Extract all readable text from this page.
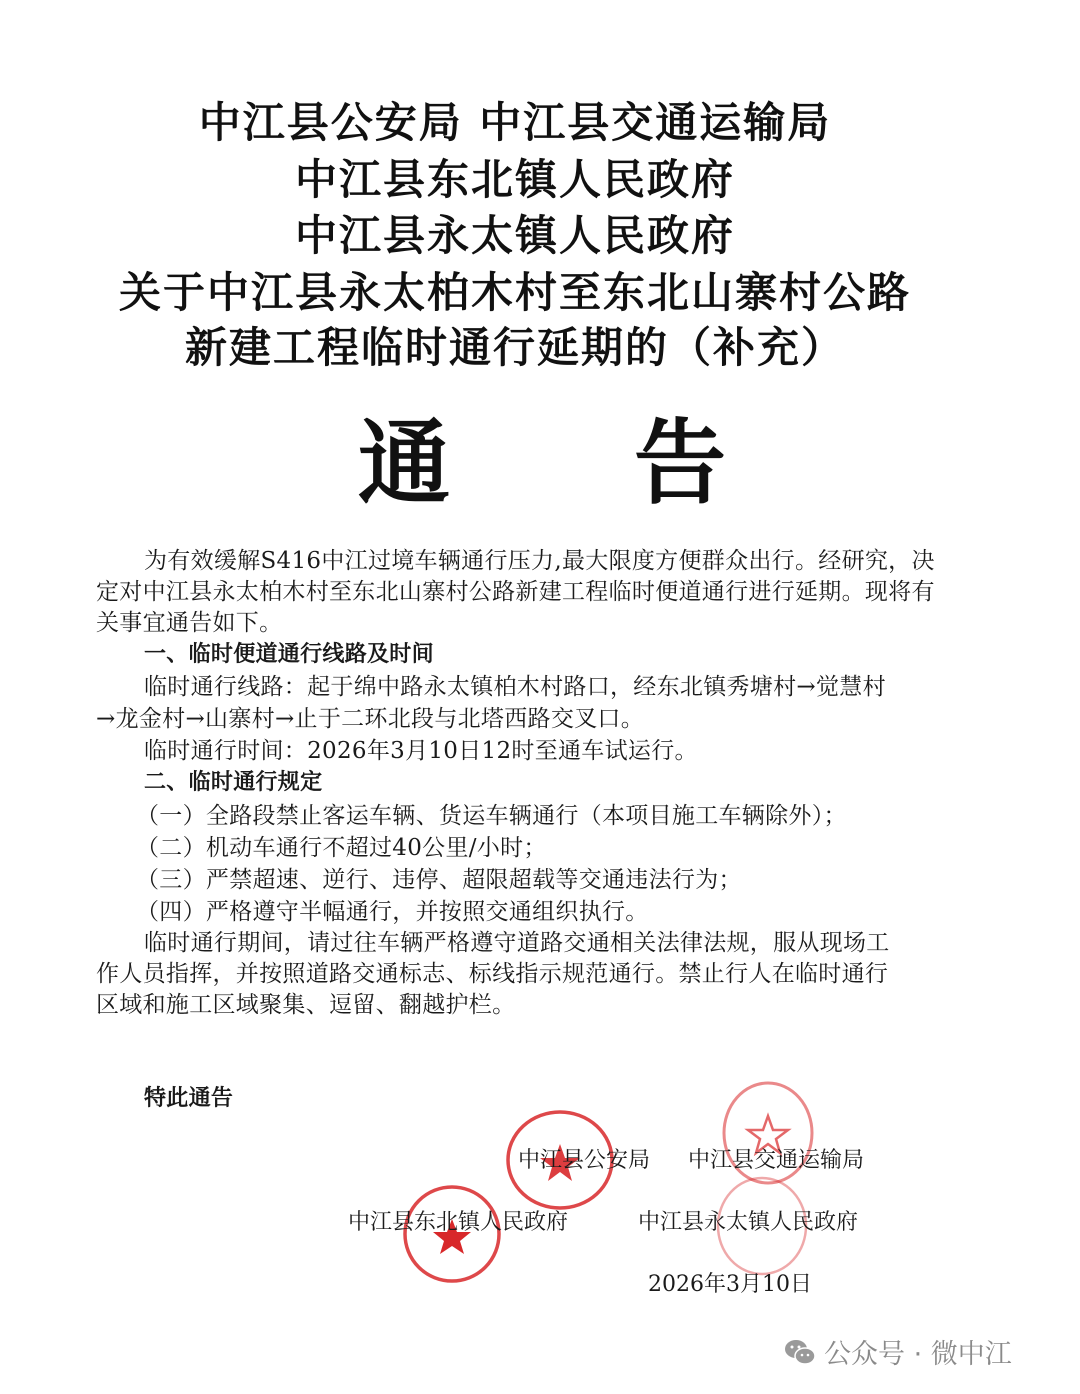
中江县公安局 中江县交通运输局
中江县东北镇人民政府
中江县永太镇人民政府
关于中江县永太柏木村至东北山寨村公路
新建工程临时通行延期的（补充）
通　　告
为有效缓解S416中江过境车辆通行压力,最大限度方便群众出行。经研究，决
定对中江县永太柏木村至东北山寨村公路新建工程临时便道通行进行延期。现将有
关事宜通告如下。
一、临时便道通行线路及时间
临时通行线路：起于绵中路永太镇柏木村路口，经东北镇秀塘村→觉慧村
→龙金村→山寨村→止于二环北段与北塔西路交叉口。
临时通行时间：2026年3月10日12时至通车试运行。
二、临时通行规定
（一）全路段禁止客运车辆、货运车辆通行（本项目施工车辆除外）；
（二）机动车通行不超过40公里/小时；
（三）严禁超速、逆行、违停、超限超载等交通违法行为；
（四）严格遵守半幅通行，并按照交通组织执行。
临时通行期间，请过往车辆严格遵守道路交通相关法律法规，服从现场工
作人员指挥，并按照道路交通标志、标线指示规范通行。禁止行人在临时通行
区域和施工区域聚集、逗留、翻越护栏。
特此通告
中江县公安局 中江县交通运输局
中江县东北镇人民政府	中江县永太镇人民政府
2026年3月10日
公众号 · 微中江
